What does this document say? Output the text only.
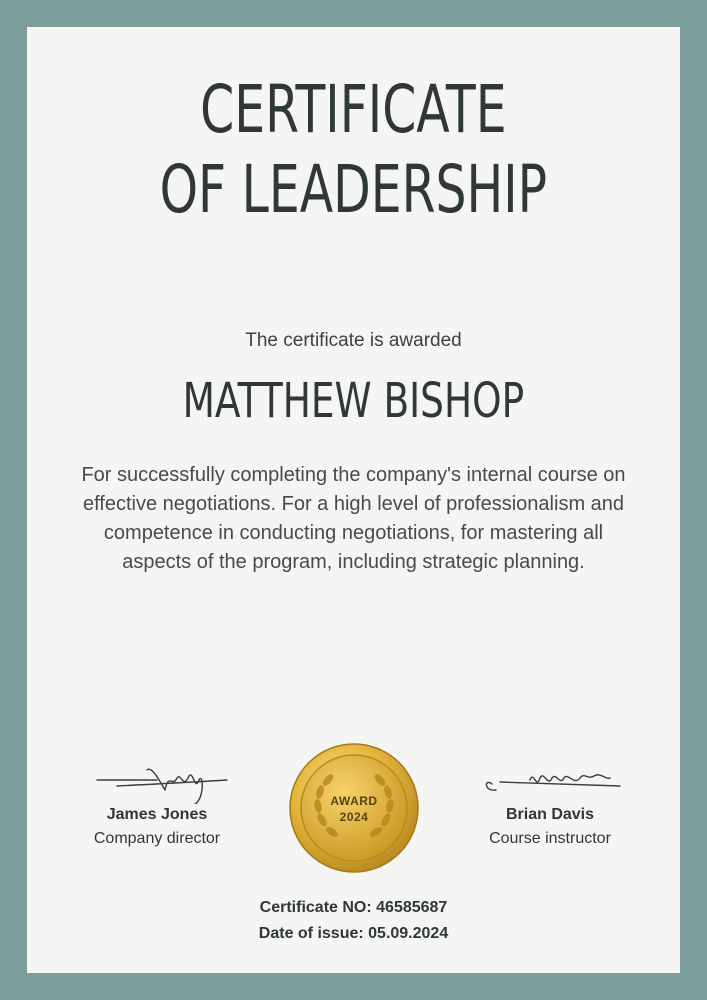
CERTIFICATE
OF LEADERSHIP
The certificate is awarded
MATTHEW BISHOP
For successfully completing the company's internal course on effective negotiations. For a high level of professionalism and competence in conducting negotiations, for mastering all aspects of the program, including strategic planning.
James Jones
Company director
AWARD
2024	Brian Davis
Course instructor
Certificate NO: 46585687
Date of issue: 05.09.2024
